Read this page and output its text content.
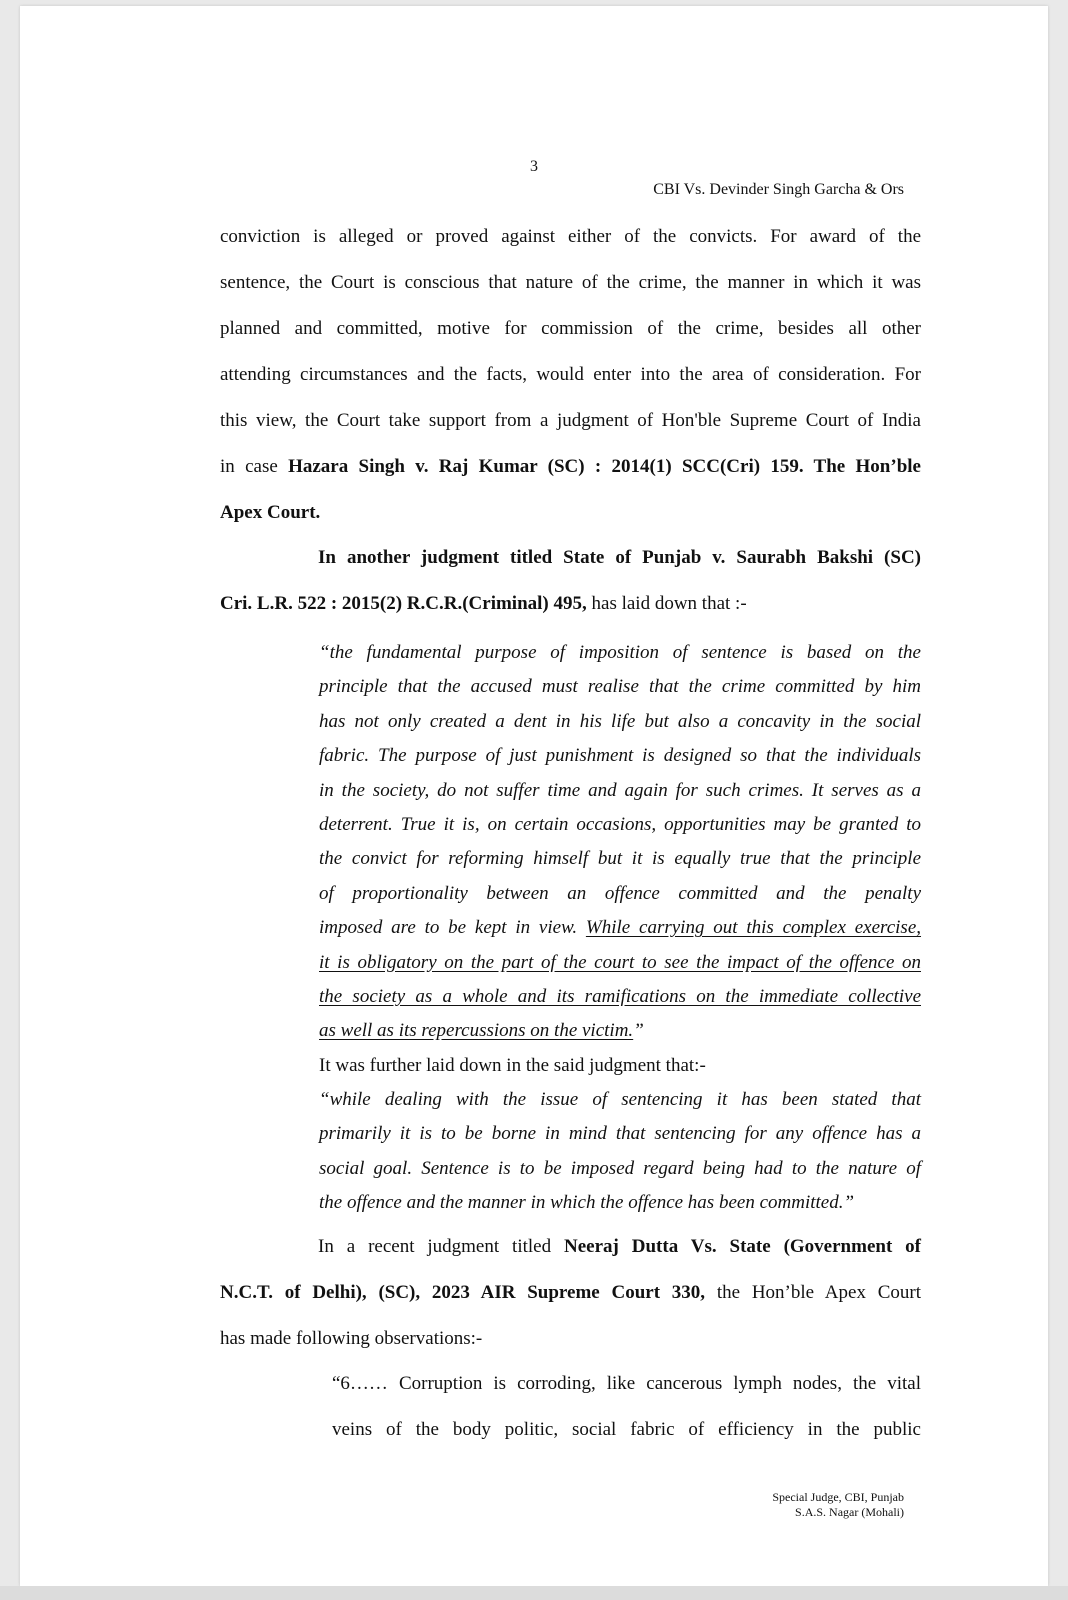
3
CBI Vs. Devinder Singh Garcha & Ors
conviction is alleged or proved against either of the convicts. For award of the
sentence, the Court is conscious that nature of the crime, the manner in which it was
planned and committed, motive for commission of the crime, besides all other
attending circumstances and the facts, would enter into the area of consideration. For
this view, the Court take support from a judgment of Hon'ble Supreme Court of India
in case Hazara Singh v. Raj Kumar (SC) : 2014(1) SCC(Cri) 159. The Hon’ble
Apex Court.
In another judgment titled State of Punjab v. Saurabh Bakshi (SC)
Cri. L.R. 522 : 2015(2) R.C.R.(Criminal) 495, has laid down that :-
“the fundamental purpose of imposition of sentence is based on the
principle that the accused must realise that the crime committed by him
has not only created a dent in his life but also a concavity in the social
fabric. The purpose of just punishment is designed so that the individuals
in the society, do not suffer time and again for such crimes. It serves as a
deterrent. True it is, on certain occasions, opportunities may be granted to
the convict for reforming himself but it is equally true that the principle
of proportionality between an offence committed and the penalty
imposed are to be kept in view. While carrying out this complex exercise,
it is obligatory on the part of the court to see the impact of the offence on
the society as a whole and its ramifications on the immediate collective
as well as its repercussions on the victim.”
It was further laid down in the said judgment that:-
“while dealing with the issue of sentencing it has been stated that
primarily it is to be borne in mind that sentencing for any offence has a
social goal. Sentence is to be imposed regard being had to the nature of
the offence and the manner in which the offence has been committed.”
In a recent judgment titled Neeraj Dutta Vs. State (Government of
N.C.T. of Delhi), (SC), 2023 AIR Supreme Court 330, the Hon’ble Apex Court
has made following observations:-
“6…… Corruption is corroding, like cancerous lymph nodes, the vital
veins of the body politic, social fabric of efficiency in the public
Special Judge, CBI, Punjab
S.A.S. Nagar (Mohali)
